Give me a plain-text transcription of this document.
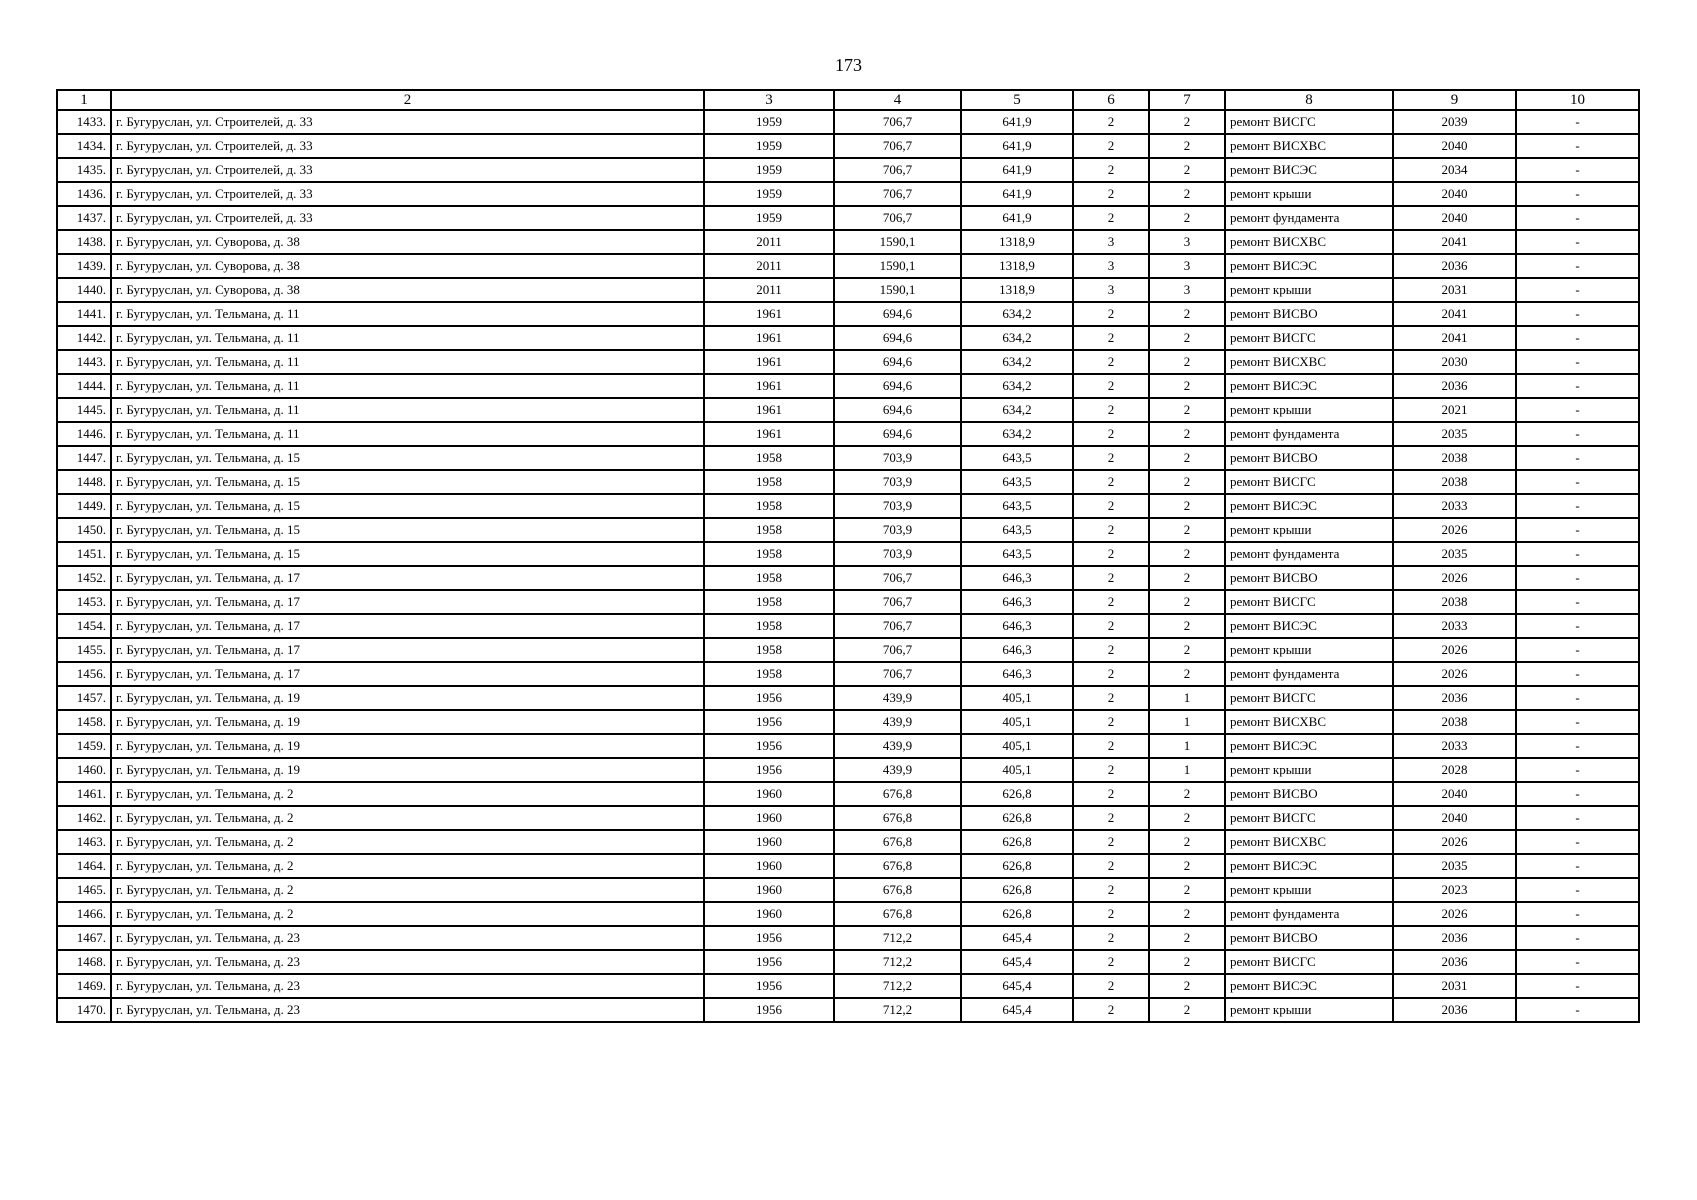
173
1	2	3	4	5	6	7	8	9	10
1433.	г. Бугуруслан, ул. Строителей, д. 33	1959	706,7	641,9	2	2	ремонт ВИСГС	2039	-
1434.	г. Бугуруслан, ул. Строителей, д. 33	1959	706,7	641,9	2	2	ремонт ВИСХВС	2040	-
1435.	г. Бугуруслан, ул. Строителей, д. 33	1959	706,7	641,9	2	2	ремонт ВИСЭС	2034	-
1436.	г. Бугуруслан, ул. Строителей, д. 33	1959	706,7	641,9	2	2	ремонт крыши	2040	-
1437.	г. Бугуруслан, ул. Строителей, д. 33	1959	706,7	641,9	2	2	ремонт фундамента	2040	-
1438.	г. Бугуруслан, ул. Суворова, д. 38	2011	1590,1	1318,9	3	3	ремонт ВИСХВС	2041	-
1439.	г. Бугуруслан, ул. Суворова, д. 38	2011	1590,1	1318,9	3	3	ремонт ВИСЭС	2036	-
1440.	г. Бугуруслан, ул. Суворова, д. 38	2011	1590,1	1318,9	3	3	ремонт крыши	2031	-
1441.	г. Бугуруслан, ул. Тельмана, д. 11	1961	694,6	634,2	2	2	ремонт ВИСВО	2041	-
1442.	г. Бугуруслан, ул. Тельмана, д. 11	1961	694,6	634,2	2	2	ремонт ВИСГС	2041	-
1443.	г. Бугуруслан, ул. Тельмана, д. 11	1961	694,6	634,2	2	2	ремонт ВИСХВС	2030	-
1444.	г. Бугуруслан, ул. Тельмана, д. 11	1961	694,6	634,2	2	2	ремонт ВИСЭС	2036	-
1445.	г. Бугуруслан, ул. Тельмана, д. 11	1961	694,6	634,2	2	2	ремонт крыши	2021	-
1446.	г. Бугуруслан, ул. Тельмана, д. 11	1961	694,6	634,2	2	2	ремонт фундамента	2035	-
1447.	г. Бугуруслан, ул. Тельмана, д. 15	1958	703,9	643,5	2	2	ремонт ВИСВО	2038	-
1448.	г. Бугуруслан, ул. Тельмана, д. 15	1958	703,9	643,5	2	2	ремонт ВИСГС	2038	-
1449.	г. Бугуруслан, ул. Тельмана, д. 15	1958	703,9	643,5	2	2	ремонт ВИСЭС	2033	-
1450.	г. Бугуруслан, ул. Тельмана, д. 15	1958	703,9	643,5	2	2	ремонт крыши	2026	-
1451.	г. Бугуруслан, ул. Тельмана, д. 15	1958	703,9	643,5	2	2	ремонт фундамента	2035	-
1452.	г. Бугуруслан, ул. Тельмана, д. 17	1958	706,7	646,3	2	2	ремонт ВИСВО	2026	-
1453.	г. Бугуруслан, ул. Тельмана, д. 17	1958	706,7	646,3	2	2	ремонт ВИСГС	2038	-
1454.	г. Бугуруслан, ул. Тельмана, д. 17	1958	706,7	646,3	2	2	ремонт ВИСЭС	2033	-
1455.	г. Бугуруслан, ул. Тельмана, д. 17	1958	706,7	646,3	2	2	ремонт крыши	2026	-
1456.	г. Бугуруслан, ул. Тельмана, д. 17	1958	706,7	646,3	2	2	ремонт фундамента	2026	-
1457.	г. Бугуруслан, ул. Тельмана, д. 19	1956	439,9	405,1	2	1	ремонт ВИСГС	2036	-
1458.	г. Бугуруслан, ул. Тельмана, д. 19	1956	439,9	405,1	2	1	ремонт ВИСХВС	2038	-
1459.	г. Бугуруслан, ул. Тельмана, д. 19	1956	439,9	405,1	2	1	ремонт ВИСЭС	2033	-
1460.	г. Бугуруслан, ул. Тельмана, д. 19	1956	439,9	405,1	2	1	ремонт крыши	2028	-
1461.	г. Бугуруслан, ул. Тельмана, д. 2	1960	676,8	626,8	2	2	ремонт ВИСВО	2040	-
1462.	г. Бугуруслан, ул. Тельмана, д. 2	1960	676,8	626,8	2	2	ремонт ВИСГС	2040	-
1463.	г. Бугуруслан, ул. Тельмана, д. 2	1960	676,8	626,8	2	2	ремонт ВИСХВС	2026	-
1464.	г. Бугуруслан, ул. Тельмана, д. 2	1960	676,8	626,8	2	2	ремонт ВИСЭС	2035	-
1465.	г. Бугуруслан, ул. Тельмана, д. 2	1960	676,8	626,8	2	2	ремонт крыши	2023	-
1466.	г. Бугуруслан, ул. Тельмана, д. 2	1960	676,8	626,8	2	2	ремонт фундамента	2026	-
1467.	г. Бугуруслан, ул. Тельмана, д. 23	1956	712,2	645,4	2	2	ремонт ВИСВО	2036	-
1468.	г. Бугуруслан, ул. Тельмана, д. 23	1956	712,2	645,4	2	2	ремонт ВИСГС	2036	-
1469.	г. Бугуруслан, ул. Тельмана, д. 23	1956	712,2	645,4	2	2	ремонт ВИСЭС	2031	-
1470.	г. Бугуруслан, ул. Тельмана, д. 23	1956	712,2	645,4	2	2	ремонт крыши	2036	-
